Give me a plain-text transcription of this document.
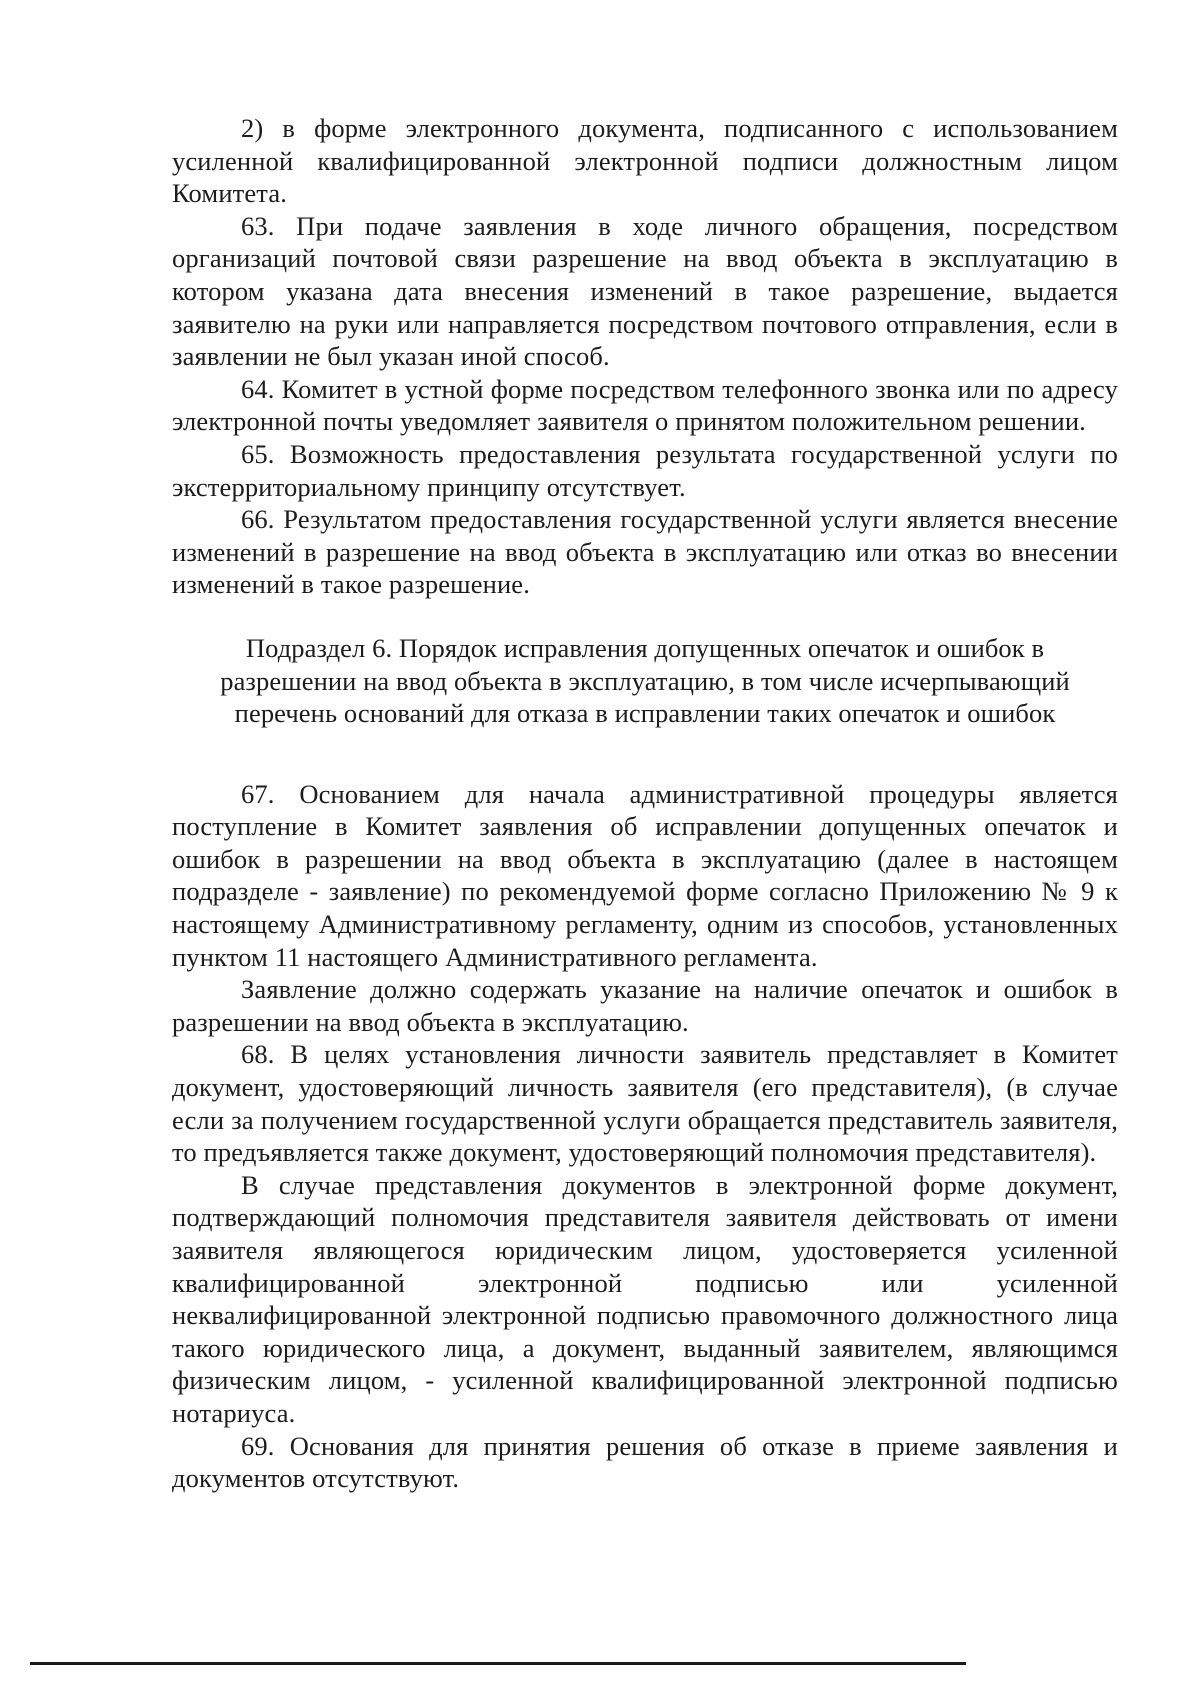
2) в форме электронного документа, подписанного с использованием усиленной квалифицированной электронной подписи должностным лицом Комитета.

63. При подаче заявления в ходе личного обращения, посредством организаций почтовой связи разрешение на ввод объекта в эксплуатацию в котором указана дата внесения изменений в такое разрешение, выдается заявителю на руки или направляется посредством почтового отправления, если в заявлении не был указан иной способ.

64. Комитет в устной форме посредством телефонного звонка или по адресу электронной почты уведомляет заявителя о принятом положительном решении.

65. Возможность предоставления результата государственной услуги по экстерриториальному принципу отсутствует.

66. Результатом предоставления государственной услуги является внесение изменений в разрешение на ввод объекта в эксплуатацию или отказ во внесении изменений в такое разрешение.

Подраздел 6. Порядок исправления допущенных опечаток и ошибок в
разрешении на ввод объекта в эксплуатацию, в том числе исчерпывающий
перечень оснований для отказа в исправлении таких опечаток и ошибок

67. Основанием для начала административной процедуры является поступление в Комитет заявления об исправлении допущенных опечаток и ошибок в разрешении на ввод объекта в эксплуатацию (далее в настоящем подразделе - заявление) по рекомендуемой форме согласно Приложению № 9 к настоящему Административному регламенту, одним из способов, установленных пунктом 11 настоящего Административного регламента.

Заявление должно содержать указание на наличие опечаток и ошибок в разрешении на ввод объекта в эксплуатацию.

68. В целях установления личности заявитель представляет в Комитет документ, удостоверяющий личность заявителя (его представителя), (в случае если за получением государственной услуги обращается представитель заявителя, то предъявляется также документ, удостоверяющий полномочия представителя).

В случае представления документов в электронной форме документ, подтверждающий полномочия представителя заявителя действовать от имени заявителя являющегося юридическим лицом, удостоверяется усиленной квалифицированной электронной подписью или усиленной неквалифицированной электронной подписью правомочного должностного лица такого юридического лица, а документ, выданный заявителем, являющимся физическим лицом, - усиленной квалифицированной электронной подписью нотариуса.

69. Основания для принятия решения об отказе в приеме заявления и документов отсутствуют.
